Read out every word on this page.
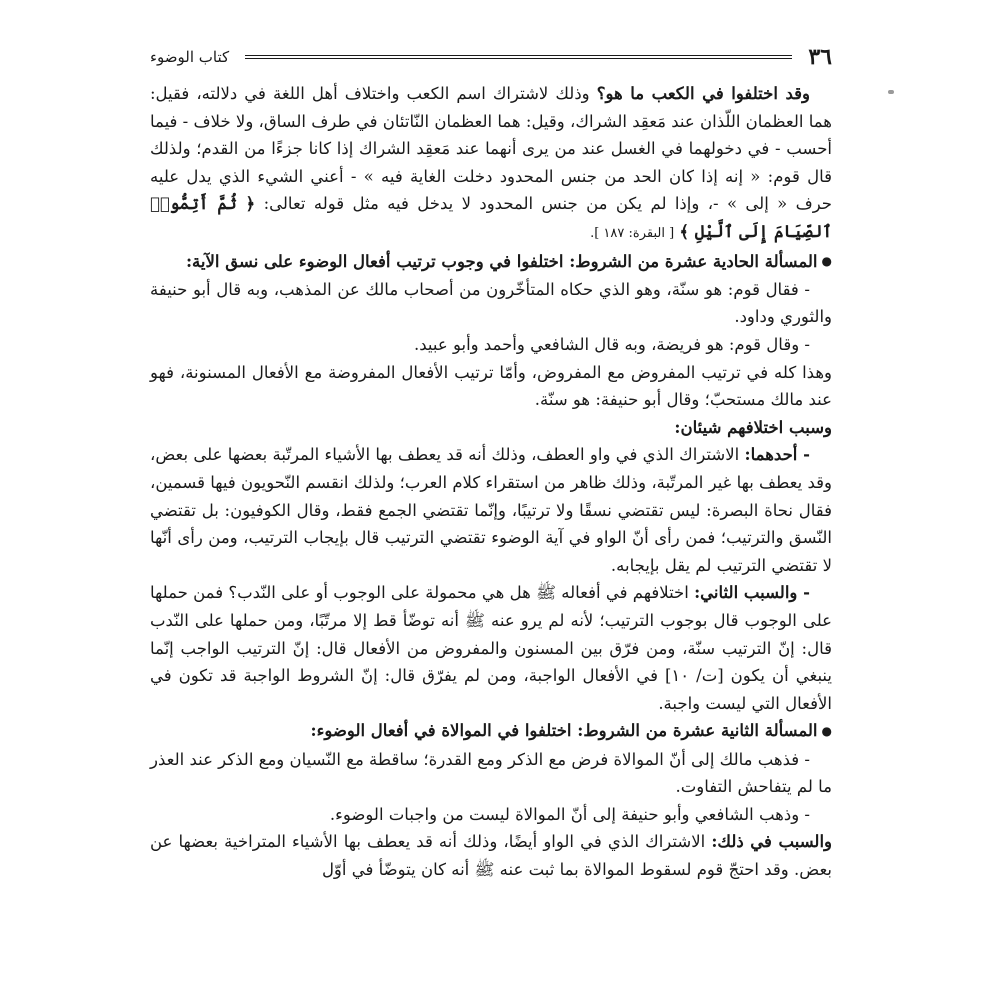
٣٦
كتاب الوضوء

وقد اختلفوا في الكعب ما هو؟ وذلك لاشتراك اسم الكعب واختلاف أهل اللغة في دلالته، فقيل: هما العظمان اللّذان عند مَعقِد الشراك، وقيل: هما العظمان النّاتئان في طرف الساق، ولا خلاف - فيما أحسب - في دخولهما في الغسل عند من يرى أنهما عند مَعقِد الشراك إذا كانا جزءًا من القدم؛ ولذلك قال قوم: « إنه إذا كان الحد من جنس المحدود دخلت الغاية فيه » - أعني الشيء الذي يدل عليه حرف « إلى » -، وإذا لم يكن من جنس المحدود لا يدخل فيه مثل قوله تعالى: ﴿ ثُمَّ أَتِمُّوا۟ ٱلصِّيَامَ إِلَى ٱلَّيْلِ ﴾ [ البقرة: ١٨٧ ].

●المسألة الحادية عشرة من الشروط: اختلفوا في وجوب ترتيب أفعال الوضوء على نسق الآية:

- فقال قوم: هو سنّة، وهو الذي حكاه المتأخّرون من أصحاب مالك عن المذهب، وبه قال أبو حنيفة والثوري وداود.

- وقال قوم: هو فريضة، وبه قال الشافعي وأحمد وأبو عبيد.

وهذا كله في ترتيب المفروض مع المفروض، وأمّا ترتيب الأفعال المفروضة مع الأفعال المسنونة، فهو عند مالك مستحبّ؛ وقال أبو حنيفة: هو سنّة.

وسبب اختلافهم شيئان:

- أحدهما: الاشتراك الذي في واو العطف، وذلك أنه قد يعطف بها الأشياء المرتّبة بعضها على بعض، وقد يعطف بها غير المرتّبة، وذلك ظاهر من استقراء كلام العرب؛ ولذلك انقسم النّحويون فيها قسمين، فقال نحاة البصرة: ليس تقتضي نسقًا ولا ترتيبًا، وإنّما تقتضي الجمع فقط، وقال الكوفيون: بل تقتضي النّسق والترتيب؛ فمن رأى أنّ الواو في آية الوضوء تقتضي الترتيب قال بإيجاب الترتيب، ومن رأى أنّها لا تقتضي الترتيب لم يقل بإيجابه.

- والسبب الثاني: اختلافهم في أفعاله ﷺ هل هي محمولة على الوجوب أو على النّدب؟ فمن حملها على الوجوب قال بوجوب الترتيب؛ لأنه لم يرو عنه ﷺ أنه توضّأ قط إلا مرتّبًا، ومن حملها على النّدب قال: إنّ الترتيب سنّة، ومن فرّق بين المسنون والمفروض من الأفعال قال: إنّ الترتيب الواجب إنّما ينبغي أن يكون [ت/ ١٠] في الأفعال الواجبة، ومن لم يفرّق قال: إنّ الشروط الواجبة قد تكون في الأفعال التي ليست واجبة.

●المسألة الثانية عشرة من الشروط: اختلفوا في الموالاة في أفعال الوضوء:

- فذهب مالك إلى أنّ الموالاة فرض مع الذكر ومع القدرة؛ ساقطة مع النّسيان ومع الذكر عند العذر ما لم يتفاحش التفاوت.

- وذهب الشافعي وأبو حنيفة إلى أنّ الموالاة ليست من واجبات الوضوء.

والسبب في ذلك: الاشتراك الذي في الواو أيضًا، وذلك أنه قد يعطف بها الأشياء المتراخية بعضها عن بعض. وقد احتجّ قوم لسقوط الموالاة بما ثبت عنه ﷺ أنه كان يتوضّأ في أوّل
